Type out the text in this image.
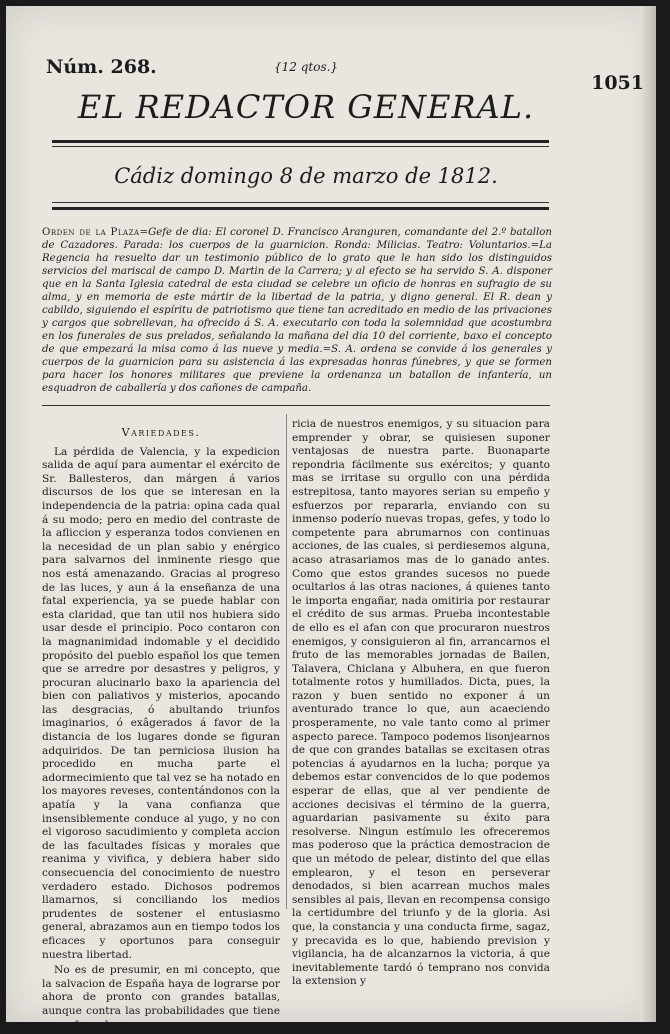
Núm. 268.	{12 qtos.}
1051
EL REDACTOR GENERAL.
Cádiz domingo 8 de marzo de 1812.
Orden de la Plaza=Gefe de dia: El coronel D. Francisco Aranguren, comandante del 2.º batallon de Cazadores. Parada: los cuerpos de la guarnicion. Ronda: Milicias. Teatro: Voluntarios.=La Regencia ha resuelto dar un testimonio público de lo grato que le han sido los distinguidos servicios del mariscal de campo D. Martin de la Carrera; y al efecto se ha servido S. A. disponer que en la Santa Iglesia catedral de esta ciudad se celebre un oficio de honras en sufragio de su alma, y en memoria de este mártir de la libertad de la patria, y digno general. El R. dean y cabildo, siguiendo el espíritu de patriotismo que tiene tan acreditado en medio de las privaciones y cargos que sobrellevan, ha ofrecido á S. A. executarlo con toda la solemnidad que acostumbra en los funerales de sus prelados, señalando la mañana del dia 10 del corriente, baxo el concepto de que empezará la misa como á las nueve y media.=S. A. ordena se convide á los generales y cuerpos de la guarnicion para su asistencia á las expresadas honras fúnebres, y que se formen para hacer los honores militares que previene la ordenanza un batallon de infantería, un esquadron de caballería y dos cañones de campaña.
Variedades.

La pérdida de Valencia, y la expedicion salida de aquí para aumentar el exército de Sr. Ballesteros, dan márgen á varios discursos de los que se interesan en la independencia de la patria: opina cada qual á su modo; pero en medio del contraste de la afliccion y esperanza todos convienen en la necesidad de un plan sabio y enérgico para salvarnos del inminente riesgo que nos está amenazando. Gracias al progreso de las luces, y aun á la enseñanza de una fatal experiencia, ya se puede hablar con esta claridad, que tan util nos hubiera sido usar desde el principio. Poco contaron con la magnanimidad indomable y el decidido propósito del pueblo español los que temen que se arredre por desastres y peligros, y procuran alucinarlo baxo la apariencia del bien con paliativos y misterios, apocando las desgracias, ó abultando triunfos imaginarios, ó exâgerados á favor de la distancia de los lugares donde se figuran adquiridos. De tan perniciosa ilusion ha procedido en mucha parte el adormecimiento que tal vez se ha notado en los mayores reveses, contentándonos con la apatía y la vana confianza que insensiblemente conduce al yugo, y no con el vigoroso sacudimiento y completa accion de las facultades físicas y morales que reanima y vivifica, y debiera haber sido consecuencia del conocimiento de nuestro verdadero estado. Dichosos podremos llamarnos, si conciliando los medios prudentes de sostener el entusiasmo general, abrazamos aun en tiempo todos los eficaces y oportunos para conseguir nuestra libertad.

No es de presumir, en mi concepto, que la salvacion de España haya de lograrse por ahora de pronto con grandes batallas, aunque contra las probabilidades que tiene en su favor la pe-

ricia de nuestros enemigos, y su situacion para emprender y obrar, se quisiesen suponer ventajosas de nuestra parte. Buonaparte repondria fácilmente sus exércitos; y quanto mas se irritase su orgullo con una pérdida estrepitosa, tanto mayores serian su empeño y esfuerzos por repararla, enviando con su inmenso poderío nuevas tropas, gefes, y todo lo competente para abrumarnos con continuas acciones, de las cuales, si perdiesemos alguna, acaso atrasariamos mas de lo ganado antes. Como que estos grandes sucesos no puede ocultarlos á las otras naciones, á quienes tanto le importa engañar, nada omitiria por restaurar el crédito de sus armas. Prueba incontestable de ello es el afan con que procuraron nuestros enemigos, y consiguieron al fin, arrancarnos el fruto de las memorables jornadas de Bailen, Talavera, Chiclana y Albuhera, en que fueron totalmente rotos y humillados. Dicta, pues, la razon y buen sentido no exponer á un aventurado trance lo que, aun acaeciendo prosperamente, no vale tanto como al primer aspecto parece. Tampoco podemos lisonjearnos de que con grandes batallas se excitasen otras potencias á ayudarnos en la lucha; porque ya debemos estar convencidos de lo que podemos esperar de ellas, que al ver pendiente de acciones decisivas el término de la guerra, aguardarian pasivamente su éxito para resolverse. Ningun estímulo les ofreceremos mas poderoso que la práctica demostracion de que un método de pelear, distinto del que ellas emplearon, y el teson en perseverar denodados, si bien acarrean muchos males sensibles al pais, llevan en recompensa consigo la certidumbre del triunfo y de la gloria. Asi que, la constancia y una conducta firme, sagaz, y precavida es lo que, habiendo prevision y vigilancia, ha de alcanzarnos la victoria, á que inevitablemente tardó ó temprano nos convida la extension y
